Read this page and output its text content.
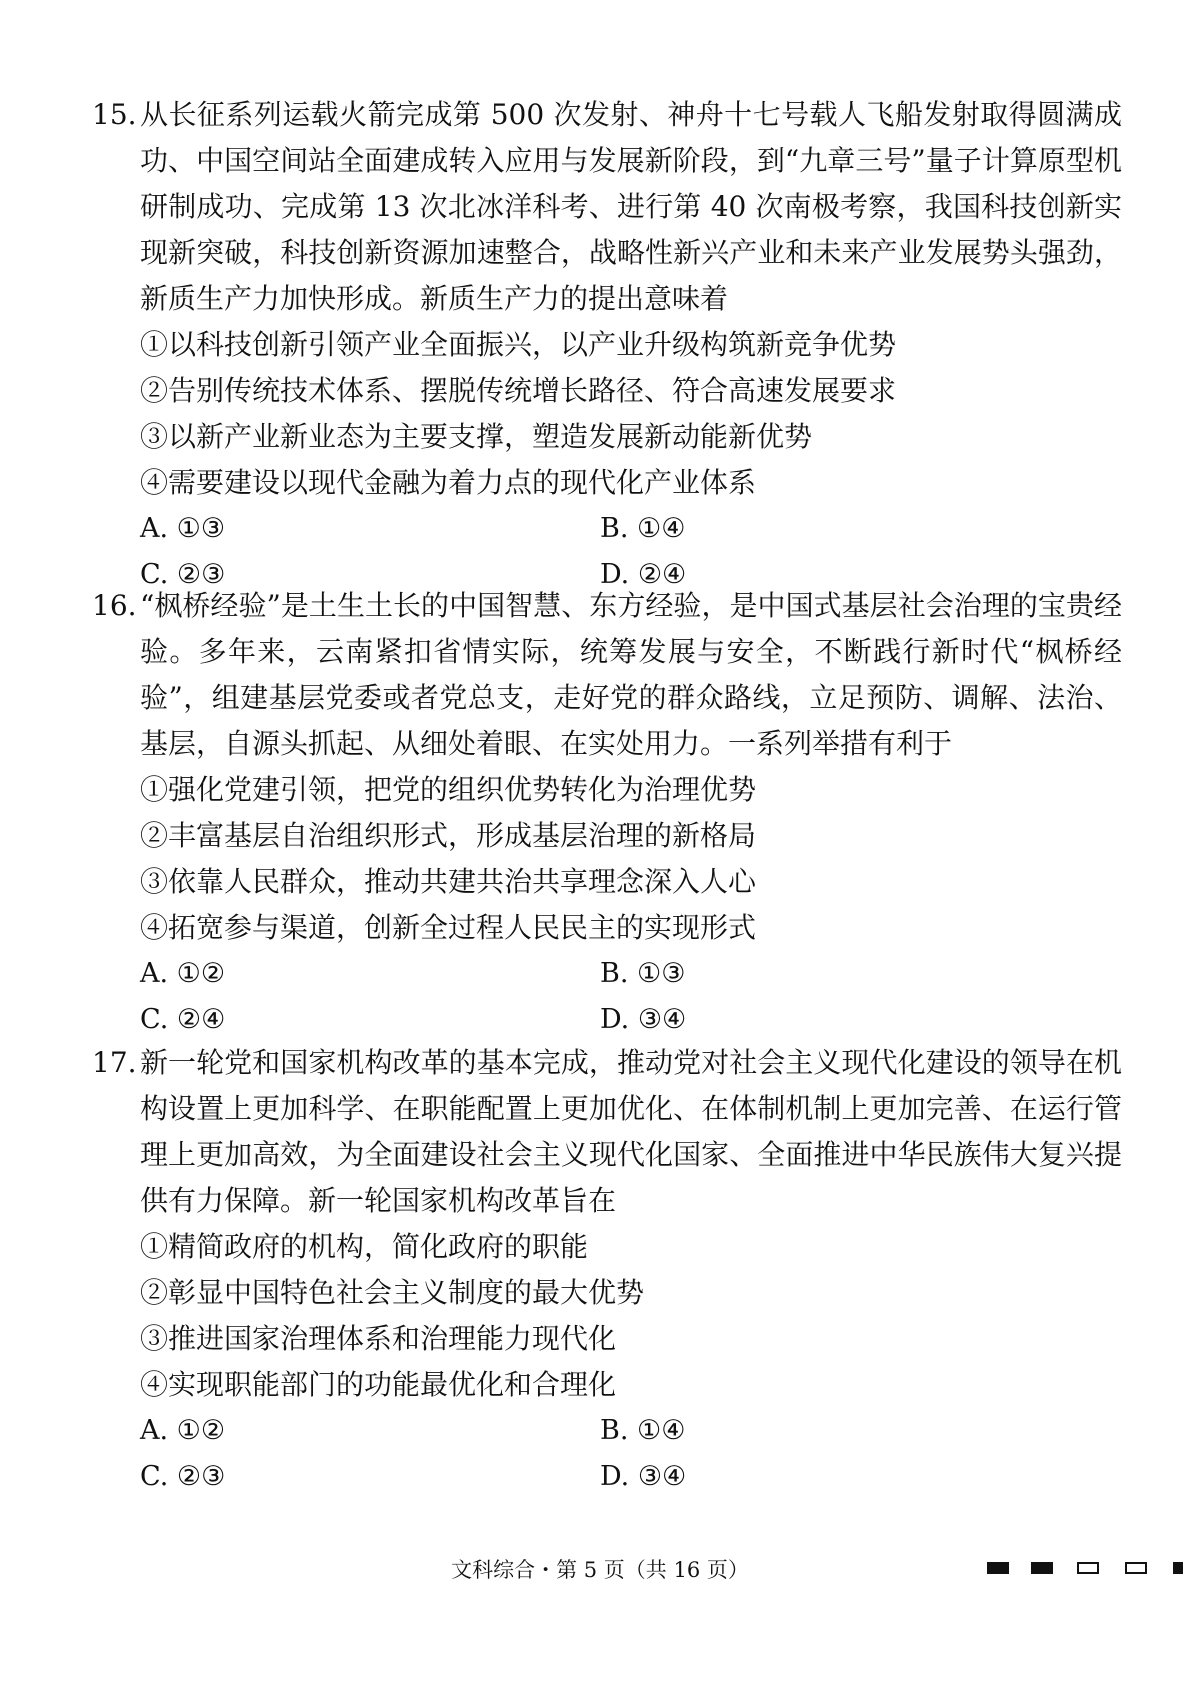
15. 从长征系列运载火箭完成第 500 次发射、神舟十七号载人飞船发射取得圆满成功、中国空间站全面建成转入应用与发展新阶段，到“九章三号”量子计算原型机研制成功、完成第 13 次北冰洋科考、进行第 40 次南极考察，我国科技创新实现新突破，科技创新资源加速整合，战略性新兴产业和未来产业发展势头强劲，新质生产力加快形成。新质生产力的提出意味着
①以科技创新引领产业全面振兴，以产业升级构筑新竞争优势
②告别传统技术体系、摆脱传统增长路径、符合高速发展要求
③以新产业新业态为主要支撑，塑造发展新动能新优势
④需要建设以现代金融为着力点的现代化产业体系
A. ①③	B. ①④
C. ②③	D. ②④
16. “枫桥经验”是土生土长的中国智慧、东方经验，是中国式基层社会治理的宝贵经验。多年来，云南紧扣省情实际，统筹发展与安全，不断践行新时代“枫桥经验”，组建基层党委或者党总支，走好党的群众路线，立足预防、调解、法治、基层，自源头抓起、从细处着眼、在实处用力。一系列举措有利于
①强化党建引领，把党的组织优势转化为治理优势
②丰富基层自治组织形式，形成基层治理的新格局
③依靠人民群众，推动共建共治共享理念深入人心
④拓宽参与渠道，创新全过程人民民主的实现形式
A. ①②	B. ①③
C. ②④	D. ③④
17. 新一轮党和国家机构改革的基本完成，推动党对社会主义现代化建设的领导在机构设置上更加科学、在职能配置上更加优化、在体制机制上更加完善、在运行管理上更加高效，为全面建设社会主义现代化国家、全面推进中华民族伟大复兴提供有力保障。新一轮国家机构改革旨在
①精简政府的机构，简化政府的职能
②彰显中国特色社会主义制度的最大优势
③推进国家治理体系和治理能力现代化
④实现职能部门的功能最优化和合理化
A. ①②	B. ①④
C. ②③	D. ③④
文科综合・第 5 页（共 16 页）
